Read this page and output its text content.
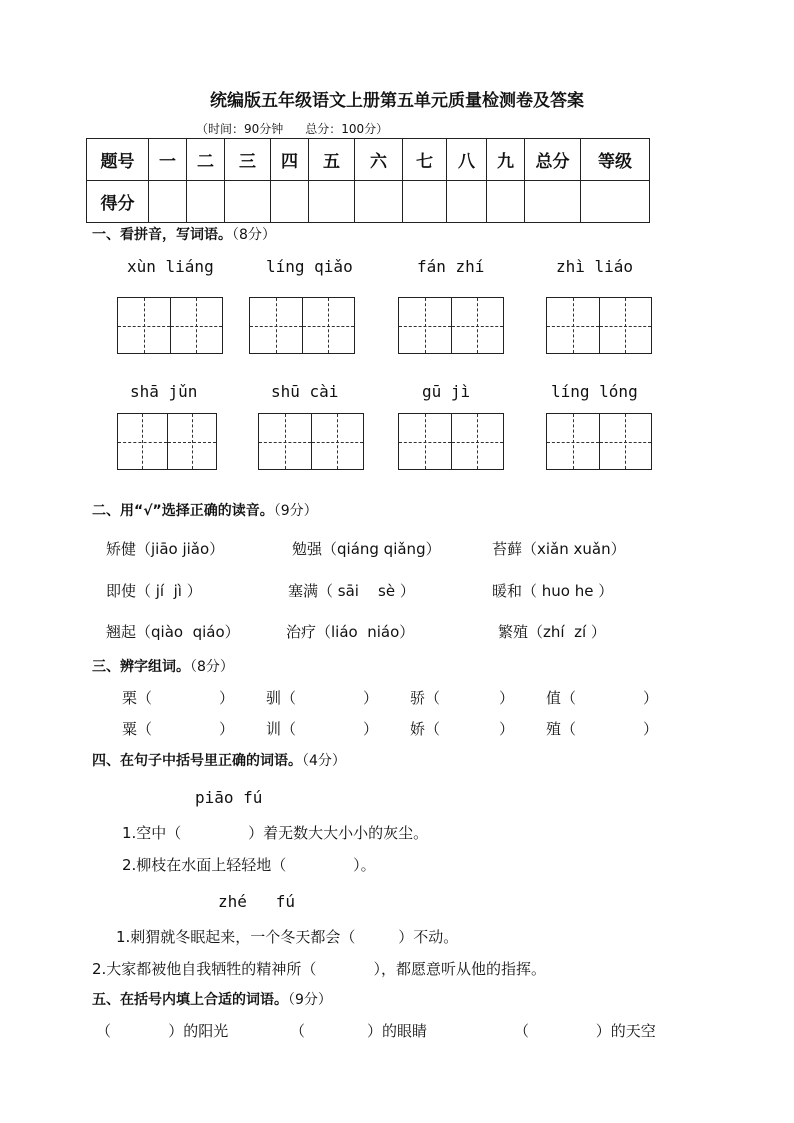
统编版五年级语文上册第五单元质量检测卷及答案
（时间：90分钟 总分：100分）
题号	一	二	三	四	五	六	七	八	九	总分	等级
得分											
一、看拼音，写词语。（8分）
xùn liáng	líng qiǎo	fán zhí	zhì liáo
shā jǔn	shū cài	gū jì	líng lóng
二、用“√”选择正确的读音。（9分）
矫健（jiāo jiǎo）	勉强（qiáng qiǎng）	苔藓（xiǎn xuǎn）
即使（ jí  jì ）	塞满（ sāi    sè ）	暖和（ huo he ）
翘起（qiào  qiáo）	治疗（liáo  niáo）	繁殖（zhí  zí ）
三、辨字组词。（8分）
栗（	） 驯（	） 骄（	） 值（	）
粟（	） 训（	） 娇（	） 殖（	）
四、在句子中括号里正确的词语。（4分）
piāo fú
1.空中（              ）着无数大大小小的灰尘。
2.柳枝在水面上轻轻地（              ）。
zhé   fú
1.刺猬就冬眠起来，一个冬天都会（         ）不动。
2.大家都被他自我牺牲的精神所（            ），都愿意听从他的指挥。
五、在括号内填上合适的词语。（9分）
（            ）的阳光	（             ）的眼睛	（              ）的天空
